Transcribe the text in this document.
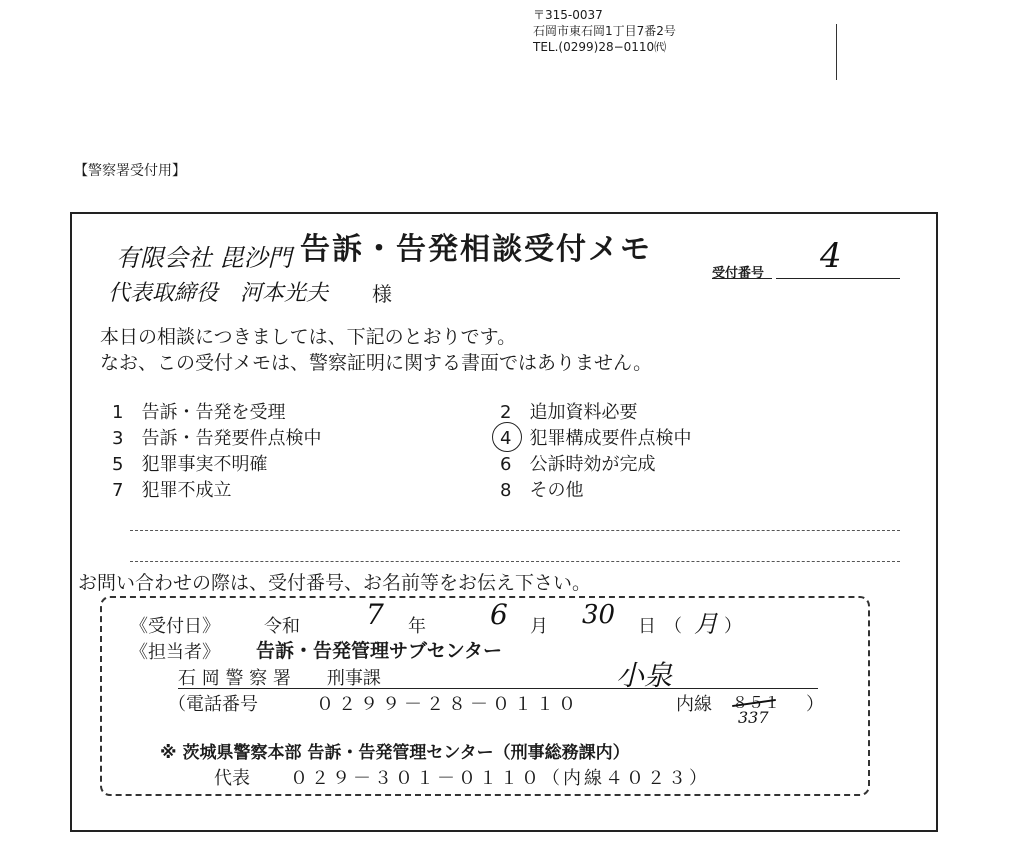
〒315-0037
石岡市東石岡1丁目7番2号
TEL.(0299)28−0110㈹
【警察署受付用】
有限会社 毘沙門 告訴・告発相談受付メモ
受付番号 4
代表取締役　河本光夫 様
本日の相談につきましては、下記のとおりです。
なお、この受付メモは、警察証明に関する書面ではありません。
1　 告訴・告発を受理	2　 追加資料必要
3　 告訴・告発要件点検中	4　 犯罪構成要件点検中
5　 犯罪事実不明確	6　 公訴時効が完成
7　 犯罪不成立	8　 その他
お問い合わせの際は、受付番号、お名前等をお伝え下さい。
《受付日》 令和 7 年 6 月 30 日 （ 月 ）
《担当者》 告訴・告発管理サブセンター
石 岡 警 察 署　　刑事課	小泉
（電話番号	０２９９－２８－０１１０	内線 ８５１ ）
337
※ 茨城県警察本部 告訴・告発管理センター（刑事総務課内）
代表 ０２９－３０１－０１１０（内線４０２３）
